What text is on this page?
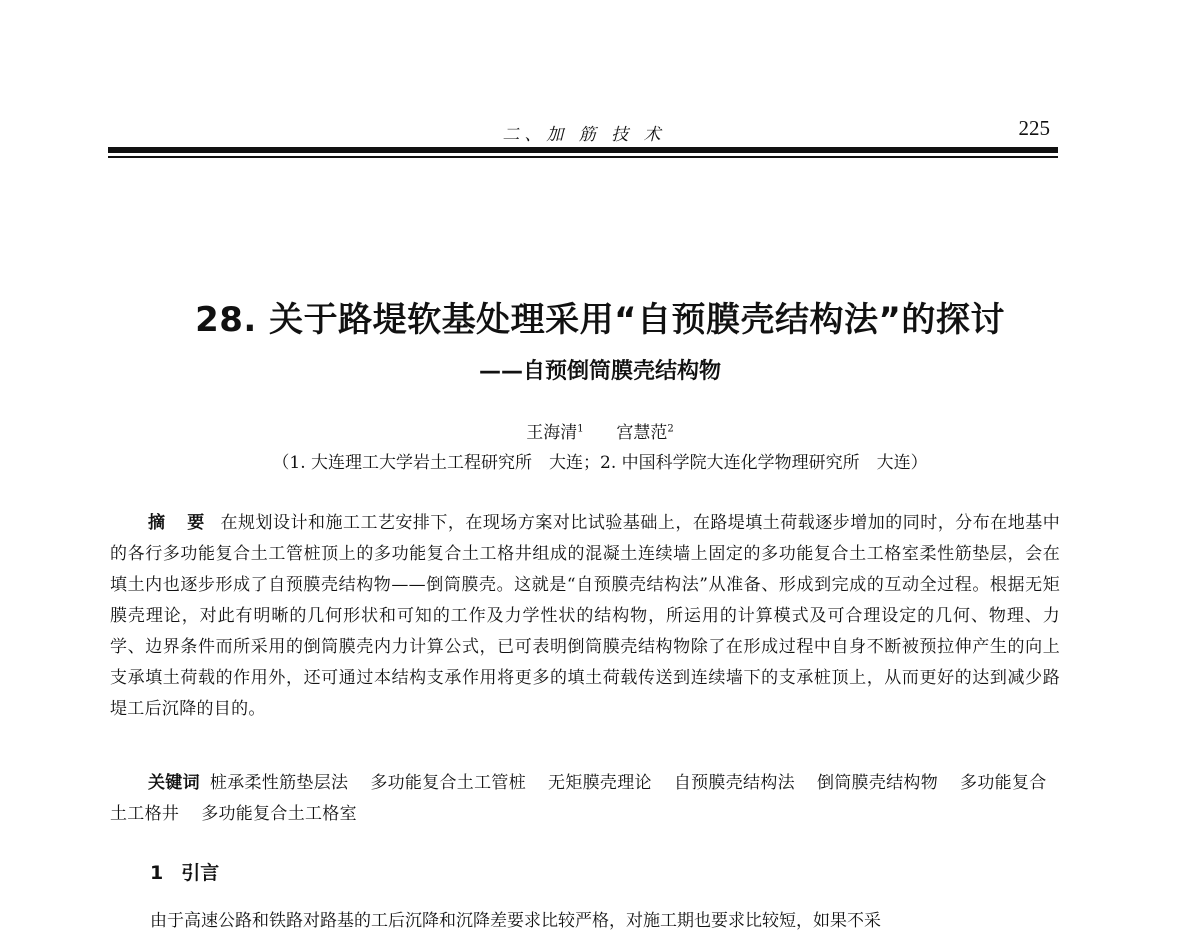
二、加 筋 技 术	225
28. 关于路堤软基处理采用“自预膜壳结构法”的探讨
——自预倒筒膜壳结构物
王海清$^1$ 宫慧范$^2$
（1. 大连理工大学岩土工程研究所　大连；2. 中国科学院大连化学物理研究所　大连）
摘 要 在规划设计和施工工艺安排下，在现场方案对比试验基础上，在路堤填土荷载逐步增加的同时，分布在地基中的各行多功能复合土工管桩顶上的多功能复合土工格井组成的混凝土连续墙上固定的多功能复合土工格室柔性筋垫层，会在填土内也逐步形成了自预膜壳结构物——倒筒膜壳。这就是“自预膜壳结构法”从准备、形成到完成的互动全过程。根据无矩膜壳理论，对此有明晰的几何形状和可知的工作及力学性状的结构物，所运用的计算模式及可合理设定的几何、物理、力学、边界条件而所采用的倒筒膜壳内力计算公式，已可表明倒筒膜壳结构物除了在形成过程中自身不断被预拉伸产生的向上支承填土荷载的作用外，还可通过本结构支承作用将更多的填土荷载传送到连续墙下的支承桩顶上，从而更好的达到减少路堤工后沉降的目的。
关键词 桩承柔性筋垫层法 多功能复合土工管桩 无矩膜壳理论 自预膜壳结构法 倒筒膜壳结构物 多功能复合土工格井 多功能复合土工格室
1 引言
由于高速公路和铁路对路基的工后沉降和沉降差要求比较严格，对施工期也要求比较短，如果不采
